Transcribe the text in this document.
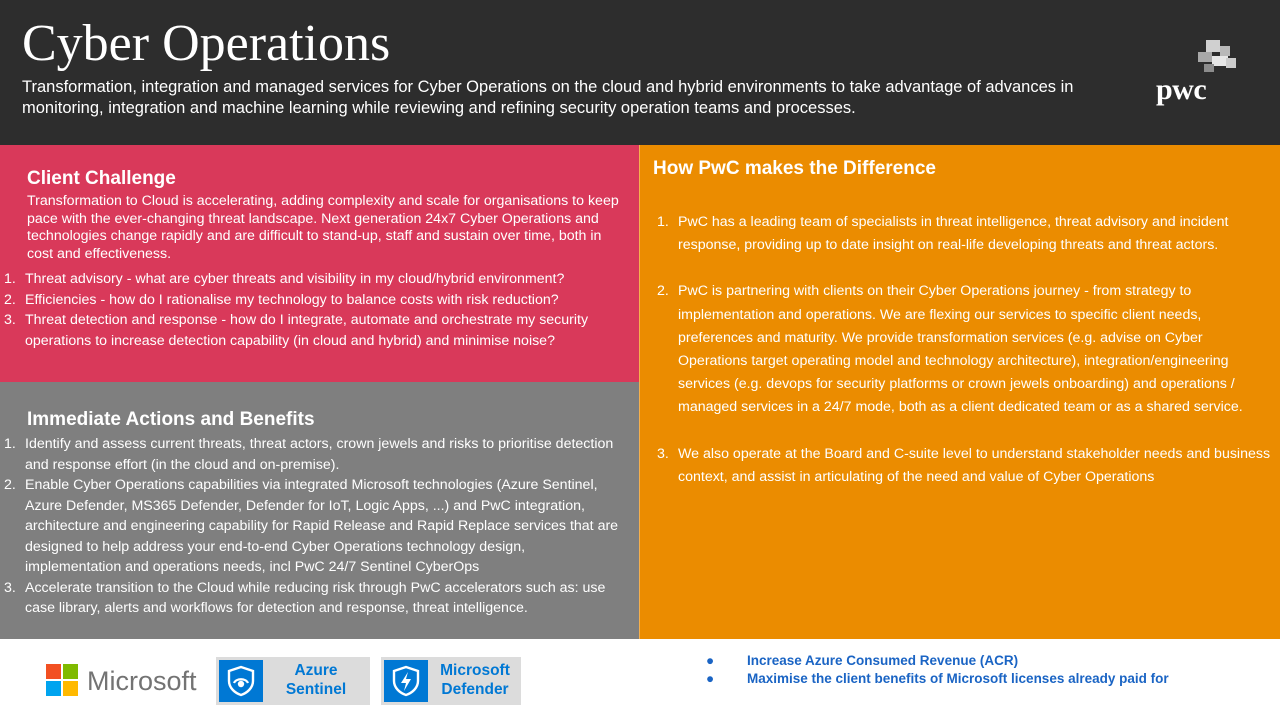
Cyber Operations
Transformation, integration and managed services for Cyber Operations on the cloud and hybrid environments to take advantage of advances in monitoring, integration and machine learning while reviewing and refining security operation teams and processes.
pwc
Client Challenge
Transformation to Cloud is accelerating, adding complexity and scale for organisations to keep pace with the ever-changing threat landscape. Next generation 24x7 Cyber Operations and technologies change rapidly and are difficult to stand-up, staff and sustain over time, both in cost and effectiveness.
1. Threat advisory - what are cyber threats and visibility in my cloud/hybrid environment?
2. Efficiencies - how do I rationalise my technology to balance costs with risk reduction?
3. Threat detection and response - how do I integrate, automate and orchestrate my security operations to increase detection capability (in cloud and hybrid) and minimise noise?
Immediate Actions and Benefits
1. Identify and assess current threats, threat actors, crown jewels and risks to prioritise detection and response effort (in the cloud and on-premise).
2. Enable Cyber Operations capabilities via integrated Microsoft technologies (Azure Sentinel, Azure Defender, MS365 Defender, Defender for IoT, Logic Apps, ...) and PwC integration, architecture and engineering capability for Rapid Release and Rapid Replace services that are designed to help address your end-to-end Cyber Operations technology design, implementation and operations needs, incl PwC 24/7 Sentinel CyberOps
3. Accelerate transition to the Cloud while reducing risk through PwC accelerators such as: use case library, alerts and workflows for detection and response, threat intelligence.
How PwC makes the Difference
1. PwC has a leading team of specialists in threat intelligence, threat advisory and incident response, providing up to date insight on real-life developing threats and threat actors.
2. PwC is partnering with clients on their Cyber Operations journey - from strategy to implementation and operations. We are flexing our services to specific client needs, preferences and maturity. We provide transformation services (e.g. advise on Cyber Operations target operating model and technology architecture), integration/engineering services (e.g. devops for security platforms or crown jewels onboarding) and operations / managed services in a 24/7 mode, both as a client dedicated team or as a shared service.
3. We also operate at the Board and C-suite level to understand stakeholder needs and business context, and assist in articulating of the need and value of Cyber Operations
Microsoft	Azure
Sentinel
Microsoft
Defender
● Increase Azure Consumed Revenue (ACR)
● Maximise the client benefits of Microsoft licenses already paid for
